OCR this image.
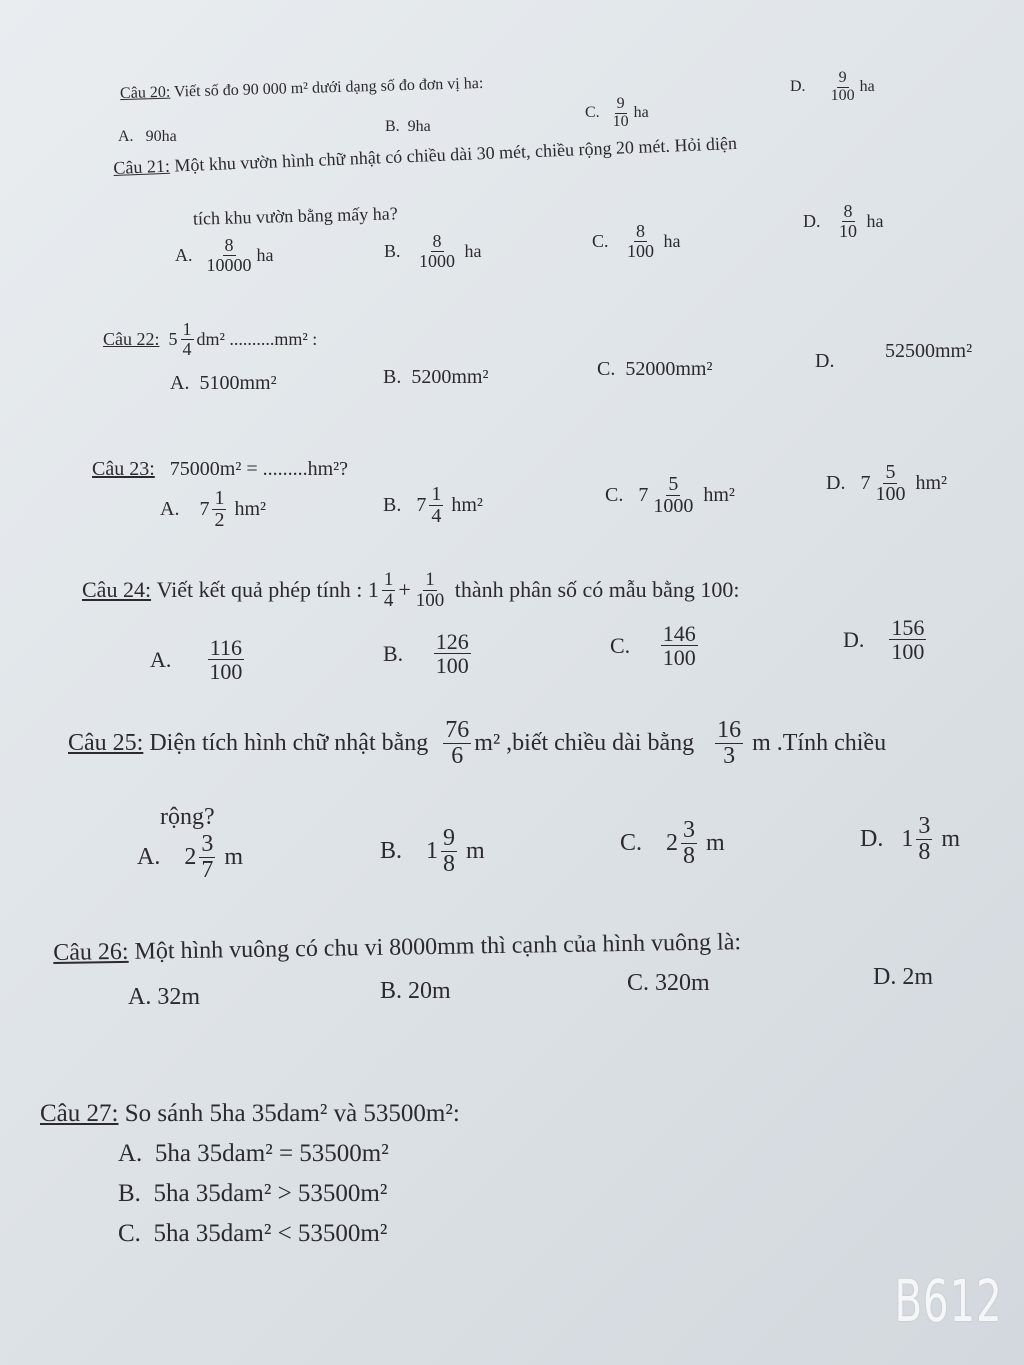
Câu 20: Viết số đo 90 000 m² dưới dạng số đo đơn vị ha:
A.
90ha
B.
9ha
C.
$\frac{9}{10}$ ha
D.
$\frac{9}{100}$ ha
Câu 21: Một khu vườn hình chữ nhật có chiều dài 30 mét, chiều rộng 20 mét. Hỏi diện
tích khu vườn bằng mấy ha?
A.
$\frac{8}{10000}$ ha	B.
$\frac{8}{1000}$
ha	C.
$\frac{8}{100}$
ha
D.
$\frac{8}{10}$
ha
Câu 22:
$5 \frac{1}{4} dm^2$ ..........mm² :
A.
5100mm²	B.
5200mm²	C.
52000mm²	D.	52500mm²
Câu 23:
75000m² = .........hm²?
A.
$7 \frac{1}{2}$
hm²	B.
$7 \frac{1}{4}$
hm²	C.
$7 \frac{5}{1000}$
hm²
D.
$7 \frac{5}{100}$
hm²
Câu 24:
Viết kết quả phép tính : $1 \frac{1}{4} + \frac{1}{100}$
thành phân số có mẫu bằng 100:
A.
$\frac{116}{100}$	B.
$\frac{126}{100}$	C.
$\frac{146}{100}$	D.
$\frac{156}{100}$
Câu 25:
Diện tích hình chữ nhật bằng
$\frac{76}{6} m^2$
,biết chiều dài bằng
$\frac{16}{3}$
m .Tính chiều
rộng?
A.
$2 \frac{3}{7}$
m	B.
$1 \frac{9}{8}$
m	C.
$2 \frac{3}{8}$
m	D.
$1 \frac{3}{8}$
m
Câu 26: Một hình vuông có chu vi 8000mm thì cạnh của hình vuông là:
A. 32m	B. 20m	C. 320m	D. 2m
Câu 27: So sánh 5ha 35dam² và 53500m²:
A. 5ha 35dam² = 53500m²
B. 5ha 35dam² > 53500m²
C. 5ha 35dam² < 53500m²
B612
